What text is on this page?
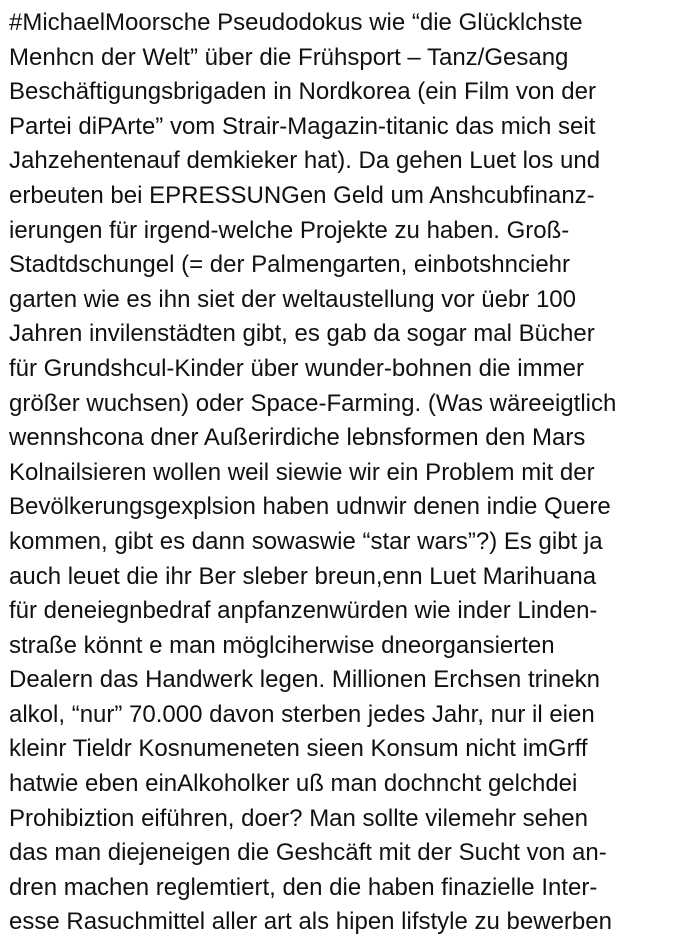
#MichaelMoorsche Pseudodokus wie “die Glücklchste
Menhcn der Welt” über die Frühsport – Tanz/Gesang
Beschäftigungsbrigaden in Nordkorea (ein Film von der
Partei diPArte” vom Strair-Magazin-titanic das mich seit
Jahzehentenauf demkieker hat). Da gehen Luet los und
erbeuten bei EPRESSUNGen Geld um Anshcubfinanz-
ierungen für irgend-welche Projekte zu haben. Groß-
Stadtdschungel (= der Palmengarten, einbotshnciehr
garten wie es ihn siet der weltaustellung vor üebr 100
Jahren invilenstädten gibt, es gab da sogar mal Bücher
für Grundshcul-Kinder über wunder-bohnen die immer
größer wuchsen) oder Space-Farming. (Was wäreeigtlich
wennshcona dner Außerirdiche lebnsformen den Mars
Kolnailsieren wollen weil siewie wir ein Problem mit der
Bevölkerungsgexplsion haben udnwir denen indie Quere
kommen, gibt es dann sowaswie “star wars”?) Es gibt ja
auch leuet die ihr Ber sleber breun,enn Luet Marihuana
für deneiegnbedraf anpfanzenwürden wie inder Linden-
straße könnt e man möglciherwise dneorgansierten
Dealern das Handwerk legen. Millionen Erchsen trinekn
alkol, “nur” 70.000 davon sterben jedes Jahr, nur il eien
kleinr Tieldr Kosnumeneten sieen Konsum nicht imGrff
hatwie eben einAlkoholker uß man dochncht gelchdei
Prohibiztion eiführen, doer? Man sollte vilemehr sehen
das man diejeneigen die Geshcäft mit der Sucht von an-
dren machen reglemtiert, den die haben finazielle Inter-
esse Rasuchmittel aller art als hipen lifstyle zu bewerben
